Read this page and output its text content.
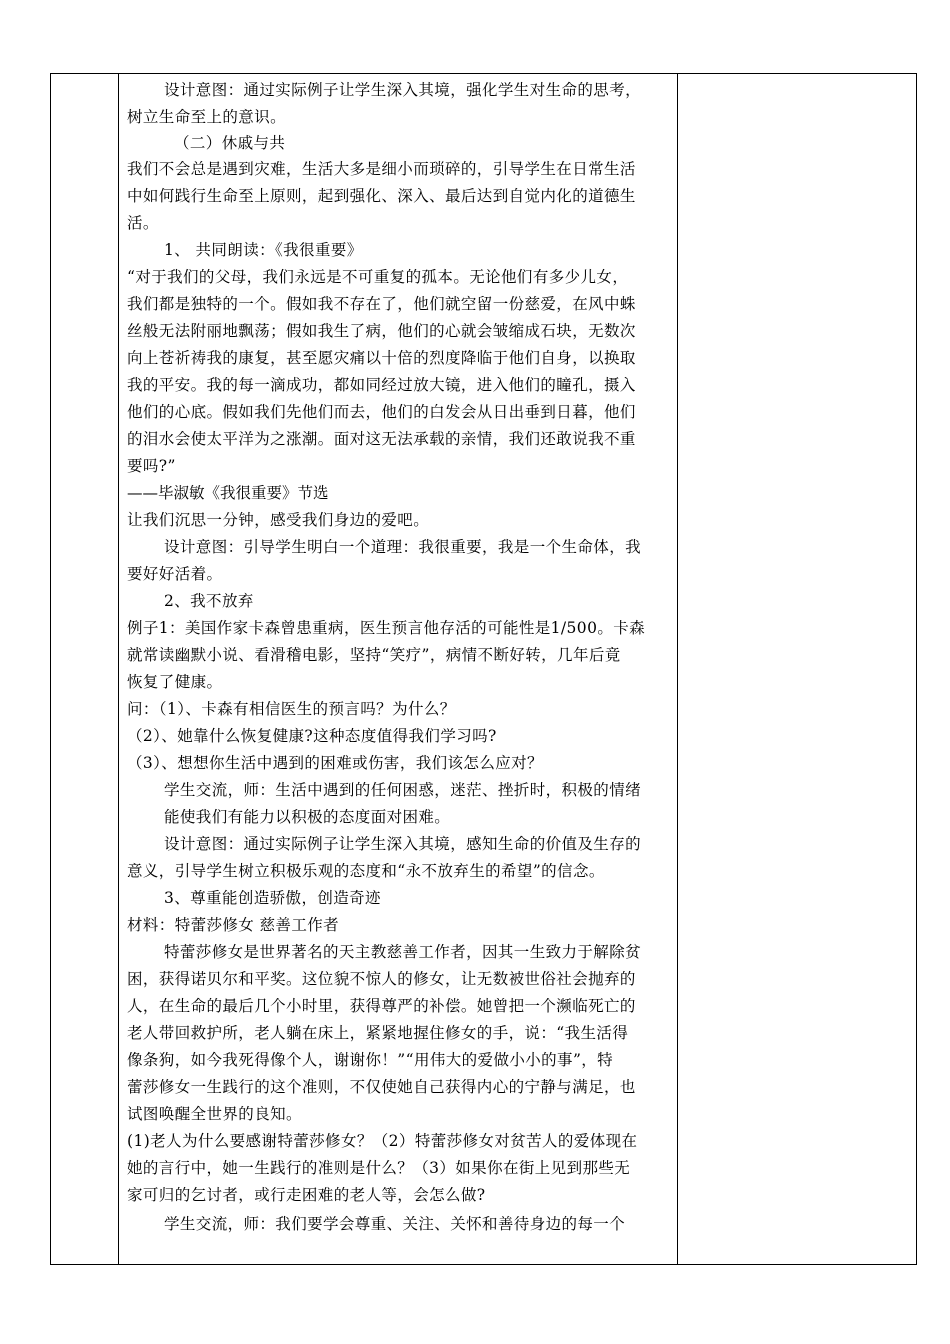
设计意图：通过实际例子让学生深入其境，强化学生对生命的思考，
树立生命至上的意识。
（二）休戚与共
我们不会总是遇到灾难，生活大多是细小而琐碎的，引导学生在日常生活
中如何践行生命至上原则，起到强化、深入、最后达到自觉内化的道德生
活。
1、 共同朗读：《我很重要》
“对于我们的父母，我们永远是不可重复的孤本。无论他们有多少儿女，
我们都是独特的一个。假如我不存在了，他们就空留一份慈爱，在风中蛛
丝般无法附丽地飘荡；假如我生了病，他们的心就会皱缩成石块，无数次
向上苍祈祷我的康复，甚至愿灾痛以十倍的烈度降临于他们自身，以换取
我的平安。我的每一滴成功，都如同经过放大镜，进入他们的瞳孔，摄入
他们的心底。假如我们先他们而去，他们的白发会从日出垂到日暮，他们
的泪水会使太平洋为之涨潮。面对这无法承载的亲情，我们还敢说我不重
要吗?”
——毕淑敏《我很重要》节选
让我们沉思一分钟，感受我们身边的爱吧。
设计意图：引导学生明白一个道理：我很重要，我是一个生命体，我
要好好活着。
2、我不放弃
例子1：美国作家卡森曾患重病，医生预言他存活的可能性是1/500。卡森
就常读幽默小说、看滑稽电影，坚持“笑疗”，病情不断好转，几年后竟
恢复了健康。
问：（1）、卡森有相信医生的预言吗？为什么？
（2）、她靠什么恢复健康?这种态度值得我们学习吗?
（3）、想想你生活中遇到的困难或伤害，我们该怎么应对？
学生交流，师：生活中遇到的任何困惑，迷茫、挫折时，积极的情绪
能使我们有能力以积极的态度面对困难。
设计意图：通过实际例子让学生深入其境，感知生命的价值及生存的
意义，引导学生树立积极乐观的态度和“永不放弃生的希望”的信念。
3、尊重能创造骄傲，创造奇迹
材料：特蕾莎修女 慈善工作者
特蕾莎修女是世界著名的天主教慈善工作者，因其一生致力于解除贫
困，获得诺贝尔和平奖。这位貌不惊人的修女，让无数被世俗社会抛弃的
人，在生命的最后几个小时里，获得尊严的补偿。她曾把一个濒临死亡的
老人带回救护所，老人躺在床上，紧紧地握住修女的手，说：“我生活得
像条狗，如今我死得像个人，谢谢你！”“用伟大的爱做小小的事”，特
蕾莎修女一生践行的这个准则，不仅使她自己获得内心的宁静与满足，也
试图唤醒全世界的良知。
(1)老人为什么要感谢特蕾莎修女？（2）特蕾莎修女对贫苦人的爱体现在
她的言行中，她一生践行的准则是什么？（3）如果你在街上见到那些无
家可归的乞讨者，或行走困难的老人等，会怎么做?
学生交流，师：我们要学会尊重、关注、关怀和善待身边的每一个
